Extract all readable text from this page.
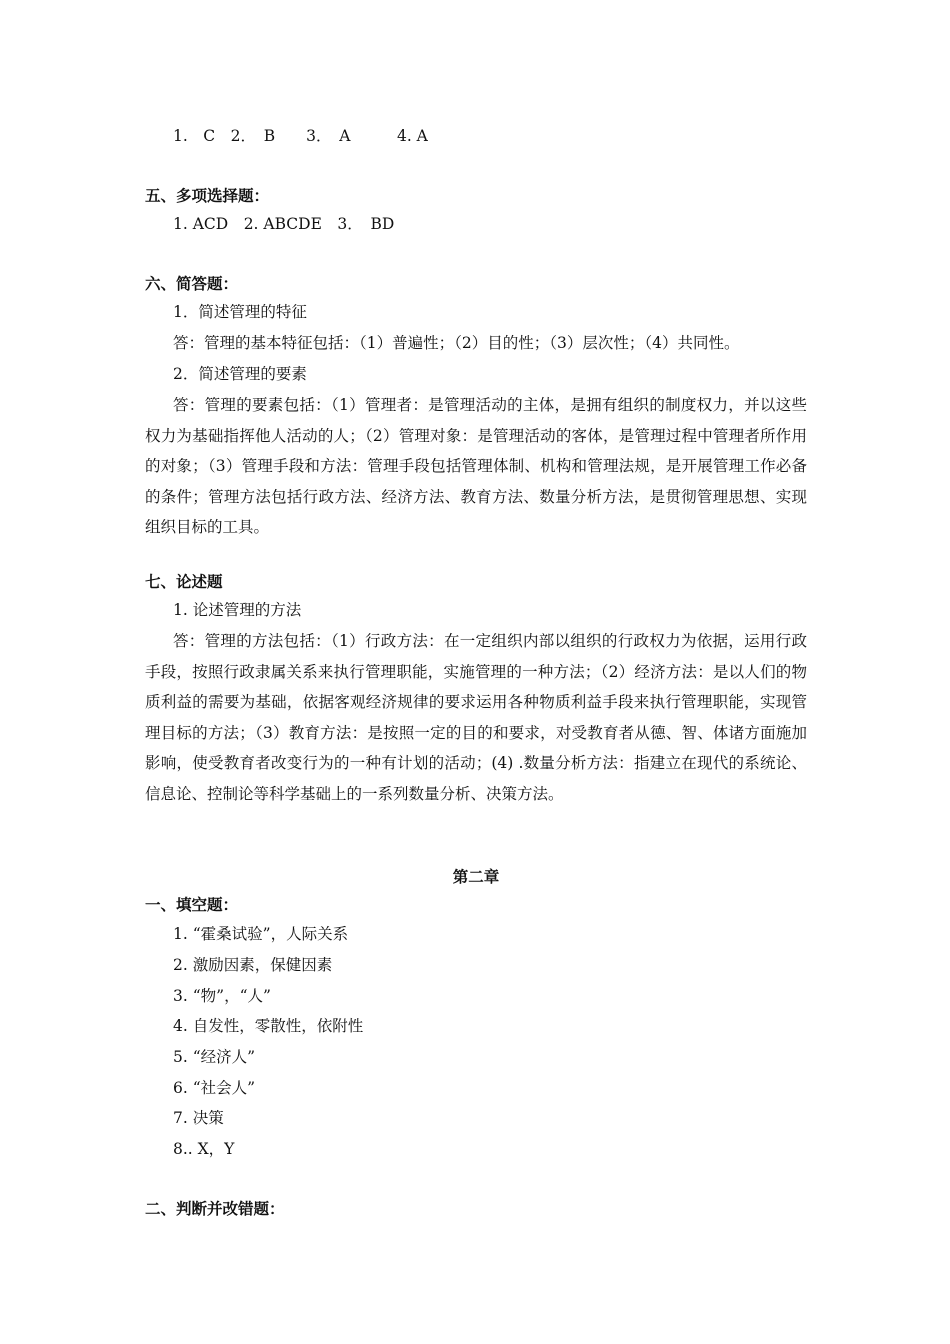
1.　C　2．　B　　3．　A　　　4. A
五、多项选择题：
1. ACD　2. ABCDE　3．　BD
六、简答题：
1．简述管理的特征
答：管理的基本特征包括：（1）普遍性；（2）目的性；（3）层次性；（4）共同性。
2．简述管理的要素
答：管理的要素包括：（1）管理者：是管理活动的主体，是拥有组织的制度权力，并以这些权力为基础指挥他人活动的人；（2）管理对象：是管理活动的客体，是管理过程中管理者所作用的对象；（3）管理手段和方法：管理手段包括管理体制、机构和管理法规，是开展管理工作必备的条件；管理方法包括行政方法、经济方法、教育方法、数量分析方法，是贯彻管理思想、实现组织目标的工具。
七、论述题
1. 论述管理的方法
答：管理的方法包括：（1）行政方法：在一定组织内部以组织的行政权力为依据，运用行政手段，按照行政隶属关系来执行管理职能，实施管理的一种方法；（2）经济方法：是以人们的物质利益的需要为基础，依据客观经济规律的要求运用各种物质利益手段来执行管理职能，实现管理目标的方法；（3）教育方法：是按照一定的目的和要求，对受教育者从德、智、体诸方面施加影响，使受教育者改变行为的一种有计划的活动；(4) .数量分析方法：指建立在现代的系统论、信息论、控制论等科学基础上的一系列数量分析、决策方法。
第二章
一、填空题：
1. “霍桑试验”，人际关系
2. 激励因素，保健因素
3. “物”，“人”
4. 自发性，零散性，依附性
5. “经济人”
6. “社会人”
7. 决策
8.. X，Y
二、判断并改错题：
